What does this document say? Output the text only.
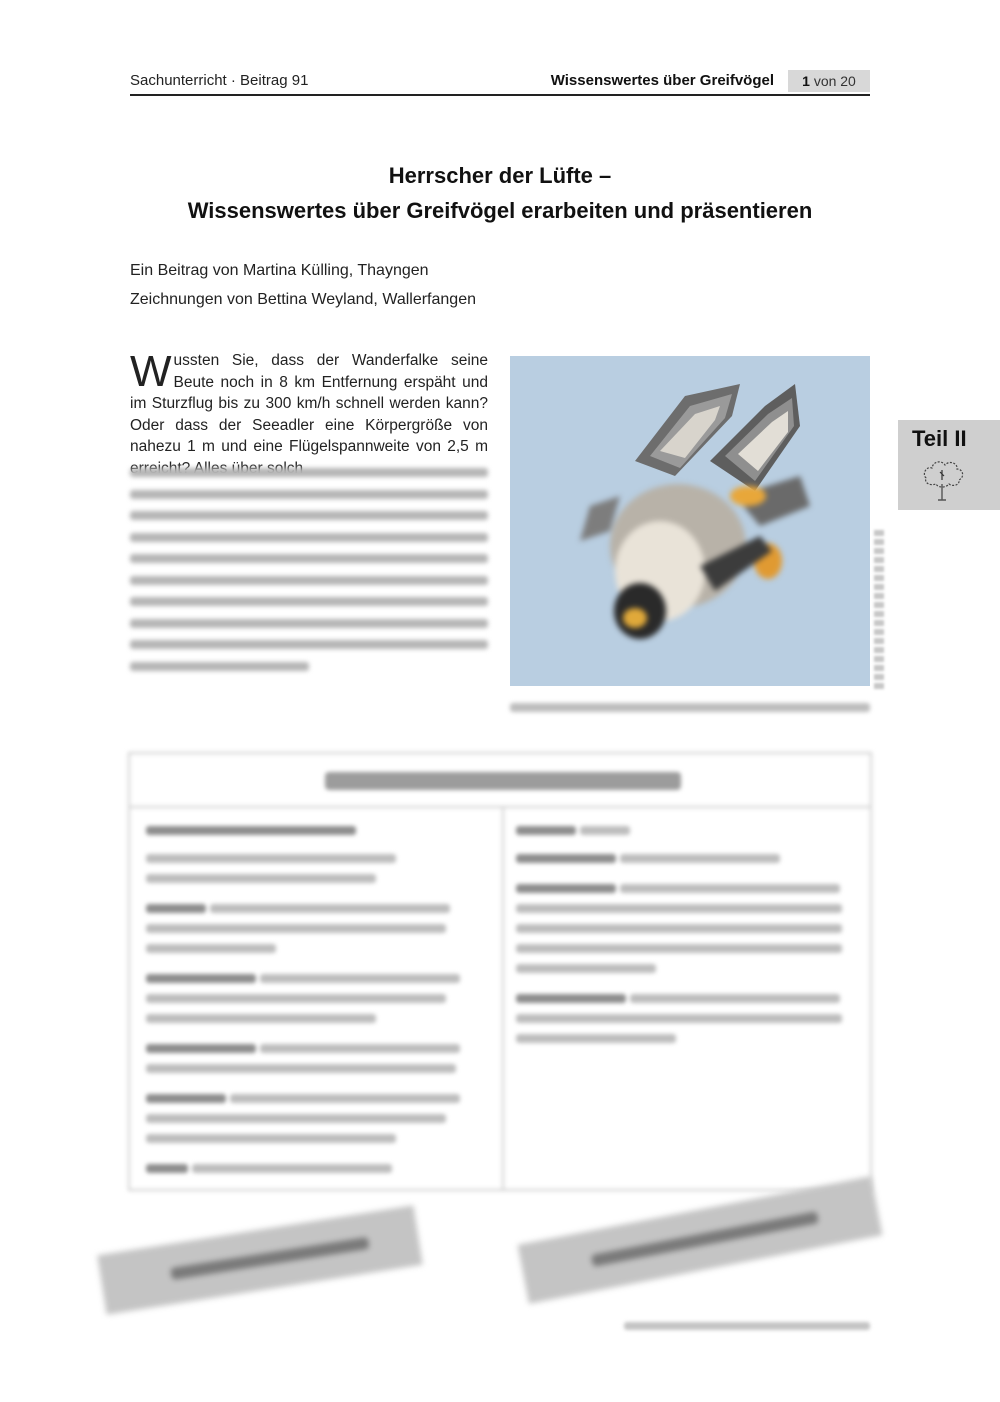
Sachunterricht · Beitrag 91	Wissenswertes über Greifvögel	1 von 20
Herrscher der Lüfte –
Wissenswertes über Greifvögel erarbeiten und präsentieren
Ein Beitrag von Martina Külling, Thayngen
Zeichnungen von Bettina Weyland, Wallerfangen
W ussten Sie, dass der Wanderfalke seine Beute noch in 8 km Entfernung erspäht und im Sturzflug bis zu 300 km/h schnell werden kann? Oder dass der Seeadler eine Körpergröße von nahezu 1 m und eine Flügelspannweite von 2,5 m	Teil II
